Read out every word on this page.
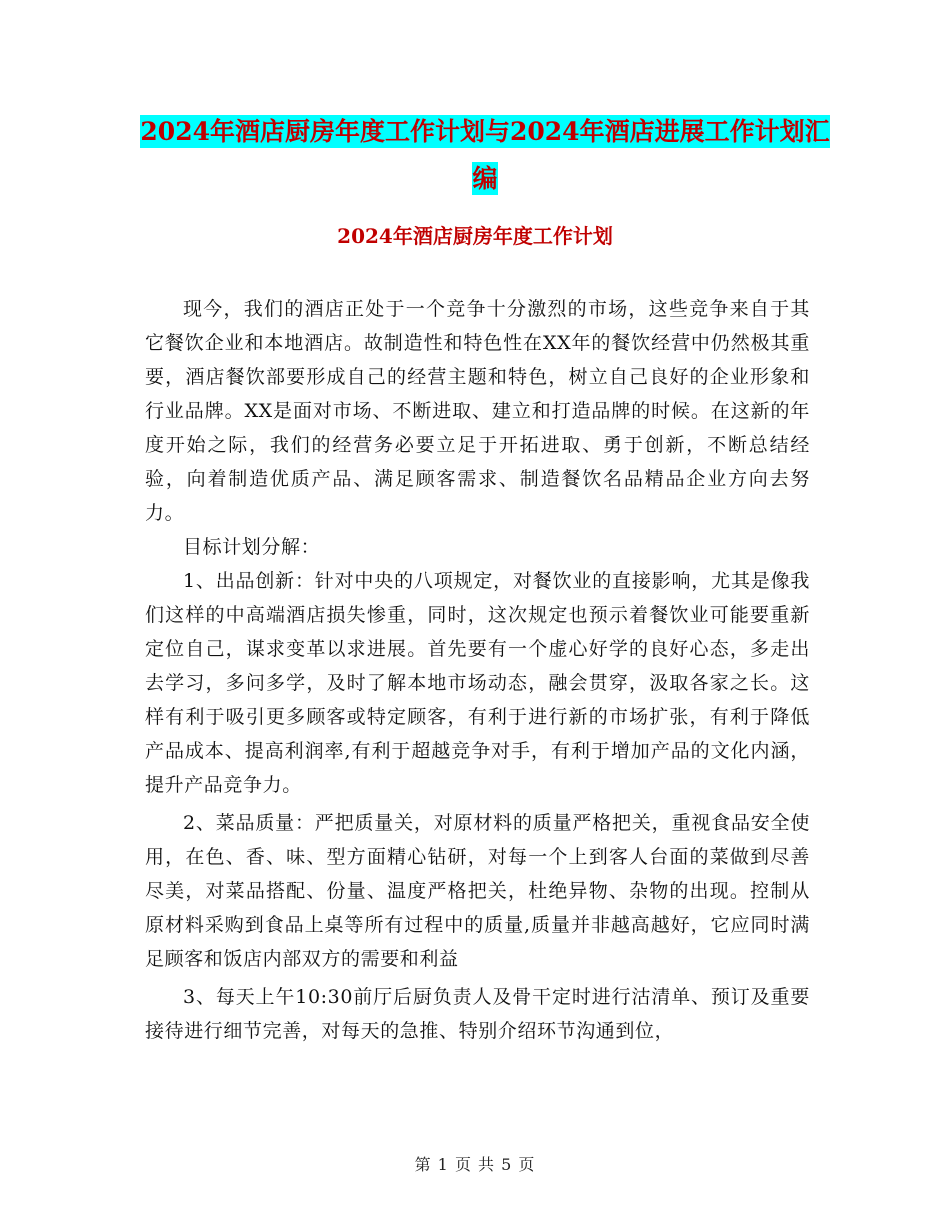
2024年酒店厨房年度工作计划与2024年酒店进展工作计划汇编
2024年酒店厨房年度工作计划

现今，我们的酒店正处于一个竞争十分激烈的市场，这些竞争来自于其它餐饮企业和本地酒店。故制造性和特色性在XX年的餐饮经营中仍然极其重要，酒店餐饮部要形成自己的经营主题和特色，树立自己良好的企业形象和行业品牌。XX是面对市场、不断进取、建立和打造品牌的时候。在这新的年度开始之际，我们的经营务必要立足于开拓进取、勇于创新，不断总结经验，向着制造优质产品、满足顾客需求、制造餐饮名品精品企业方向去努力。

目标计划分解：

1、出品创新：针对中央的八项规定，对餐饮业的直接影响，尤其是像我们这样的中高端酒店损失惨重，同时，这次规定也预示着餐饮业可能要重新定位自己，谋求变革以求进展。首先要有一个虚心好学的良好心态，多走出去学习，多问多学，及时了解本地市场动态，融会贯穿，汲取各家之长。这样有利于吸引更多顾客或特定顾客，有利于进行新的市场扩张，有利于降低产品成本、提高利润率,有利于超越竞争对手，有利于增加产品的文化内涵，提升产品竞争力。

2、菜品质量：严把质量关，对原材料的质量严格把关，重视食品安全使用，在色、香、味、型方面精心钻研，对每一个上到客人台面的菜做到尽善尽美，对菜品搭配、份量、温度严格把关，杜绝异物、杂物的出现。控制从原材料采购到食品上桌等所有过程中的质量,质量并非越高越好，它应同时满足顾客和饭店内部双方的需要和利益

3、每天上午10:30前厅后厨负责人及骨干定时进行沽清单、预订及重要接待进行细节完善，对每天的急推、特别介绍环节沟通到位，

第 1 页 共 5 页
